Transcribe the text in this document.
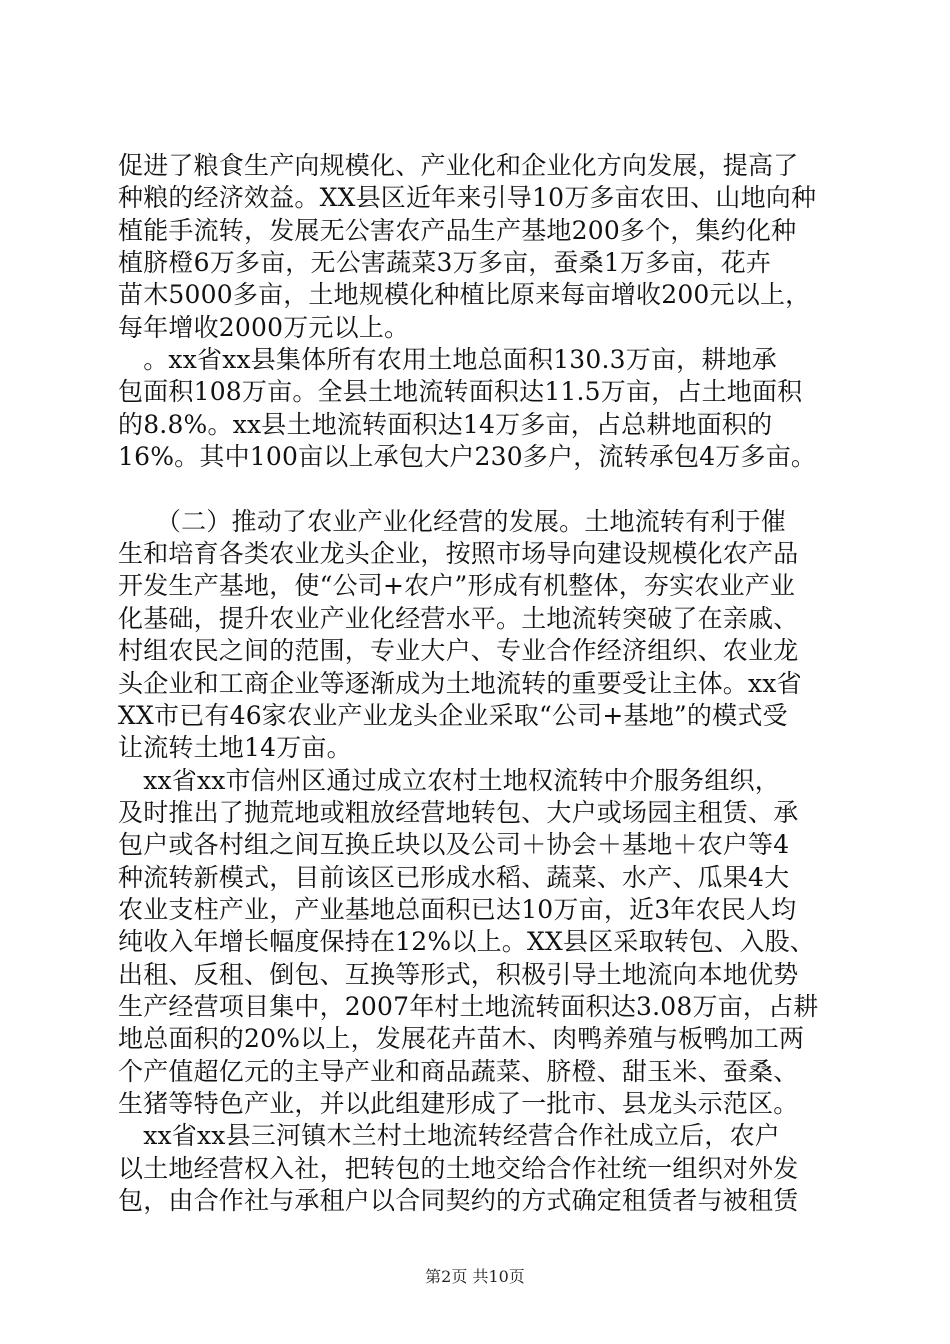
促进了粮食生产向规模化、产业化和企业化方向发展，提高了
种粮的经济效益。XX县区近年来引导10万多亩农田、山地向种
植能手流转，发展无公害农产品生产基地200多个，集约化种
植脐橙6万多亩，无公害蔬菜3万多亩，蚕桑1万多亩，花卉
苗木5000多亩，土地规模化种植比原来每亩增收200元以上，
每年增收2000万元以上。
　。xx省xx县集体所有农用土地总面积130.3万亩，耕地承
包面积108万亩。全县土地流转面积达11.5万亩，占土地面积
的8.8%。xx县土地流转面积达14万多亩，占总耕地面积的
16%。其中100亩以上承包大户230多户，流转承包4万多亩。
　　（二）推动了农业产业化经营的发展。土地流转有利于催
生和培育各类农业龙头企业，按照市场导向建设规模化农产品
开发生产基地，使“公司+农户”形成有机整体，夯实农业产业
化基础，提升农业产业化经营水平。土地流转突破了在亲戚、
村组农民之间的范围，专业大户、专业合作经济组织、农业龙
头企业和工商企业等逐渐成为土地流转的重要受让主体。xx省
XX市已有46家农业产业龙头企业采取“公司+基地”的模式受
让流转土地14万亩。
　xx省xx市信州区通过成立农村土地权流转中介服务组织，
及时推出了抛荒地或粗放经营地转包、大户或场园主租赁、承
包户或各村组之间互换丘块以及公司＋协会＋基地＋农户等4
种流转新模式，目前该区已形成水稻、蔬菜、水产、瓜果4大
农业支柱产业，产业基地总面积已达10万亩，近3年农民人均
纯收入年增长幅度保持在12%以上。XX县区采取转包、入股、
出租、反租、倒包、互换等形式，积极引导土地流向本地优势
生产经营项目集中，2007年村土地流转面积达3.08万亩，占耕
地总面积的20%以上，发展花卉苗木、肉鸭养殖与板鸭加工两
个产值超亿元的主导产业和商品蔬菜、脐橙、甜玉米、蚕桑、
生猪等特色产业，并以此组建形成了一批市、县龙头示范区。
　xx省xx县三河镇木兰村土地流转经营合作社成立后，农户
以土地经营权入社，把转包的土地交给合作社统一组织对外发
包，由合作社与承租户以合同契约的方式确定租赁者与被租赁
第2页 共10页
